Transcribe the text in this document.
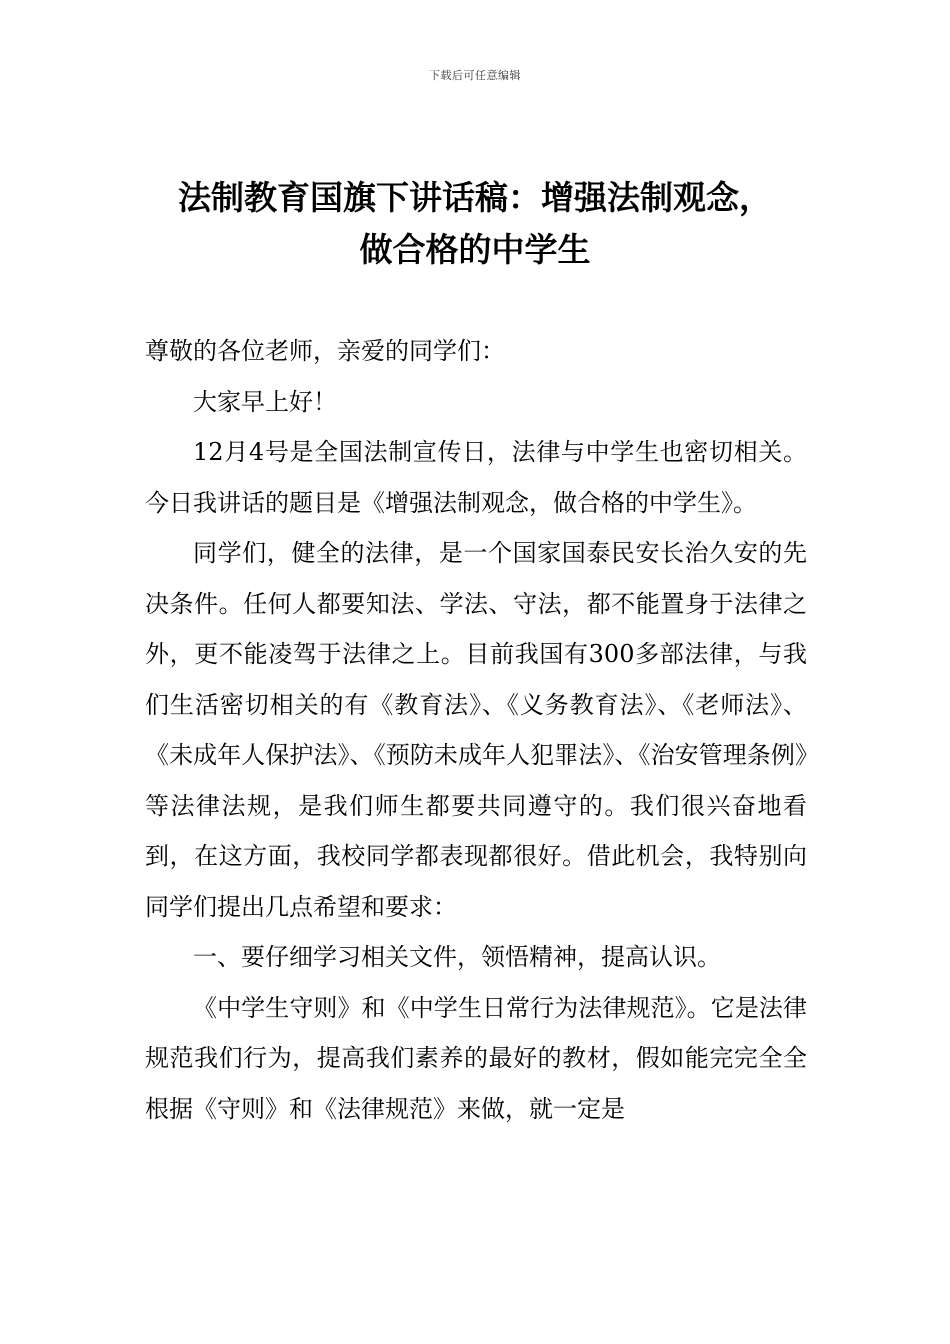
下载后可任意编辑
法制教育国旗下讲话稿：增强法制观念，
做合格的中学生

尊敬的各位老师，亲爱的同学们：

大家早上好！

12月4号是全国法制宣传日，法律与中学生也密切相关。今日我讲话的题目是《增强法制观念，做合格的中学生》。

同学们，健全的法律，是一个国家国泰民安长治久安的先决条件。任何人都要知法、学法、守法，都不能置身于法律之外，更不能凌驾于法律之上。目前我国有300多部法律，与我们生活密切相关的有《教育法》、《义务教育法》、《老师法》、《未成年人保护法》、《预防未成年人犯罪法》、《治安管理条例》等法律法规，是我们师生都要共同遵守的。我们很兴奋地看到，在这方面，我校同学都表现都很好。借此机会，我特别向同学们提出几点希望和要求：

一、要仔细学习相关文件，领悟精神，提高认识。

《中学生守则》和《中学生日常行为法律规范》。它是法律规范我们行为，提高我们素养的最好的教材，假如能完完全全根据《守则》和《法律规范》来做，就一定是
